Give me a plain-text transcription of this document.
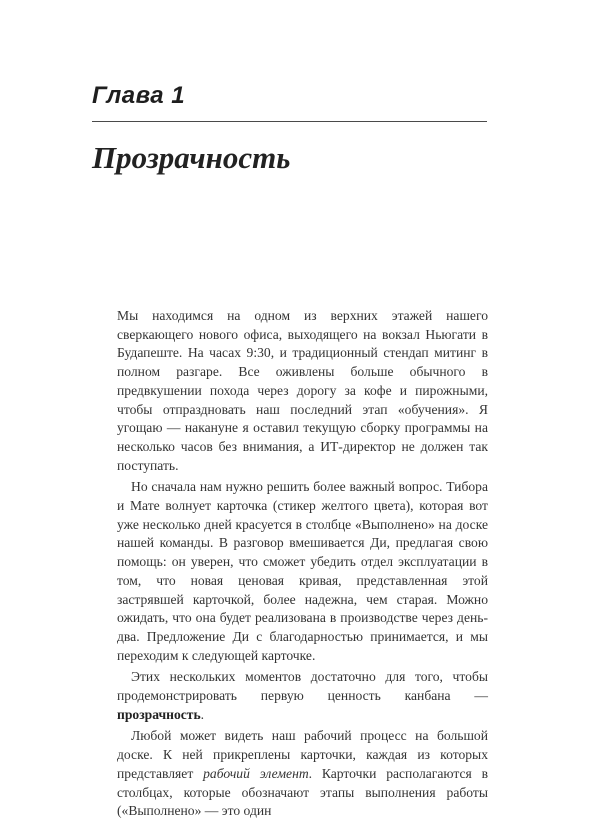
Глава 1
Прозрачность

Мы находимся на одном из верхних этажей нашего сверкающего нового офиса, выходящего на вокзал Ньюгати в Будапеште. На часах 9:30, и традиционный стендап митинг в полном разгаре. Все оживлены больше обычного в предвкушении похода через дорогу за кофе и пирожными, чтобы отпраздновать наш последний этап «обучения». Я угощаю — накануне я оставил текущую сборку программы на несколько часов без внимания, а ИТ-директор не должен так поступать.

Но сначала нам нужно решить более важный вопрос. Тибора и Мате волнует карточка (стикер желтого цвета), которая вот уже несколько дней красуется в столбце «Выполнено» на доске нашей команды. В разговор вмешивается Ди, предлагая свою помощь: он уверен, что сможет убедить отдел эксплуатации в том, что новая ценовая кривая, представленная этой застрявшей карточкой, более надежна, чем старая. Можно ожидать, что она будет реализована в производстве через день-два. Предложение Ди с благодарностью принимается, и мы переходим к следующей карточке.

Этих нескольких моментов достаточно для того, чтобы продемонстрировать первую ценность канбана — прозрачность.

Любой может видеть наш рабочий процесс на большой доске. К ней прикреплены карточки, каждая из которых представляет рабочий элемент. Карточки располагаются в столбцах, которые обозначают этапы выполнения работы («Выполнено» — это один
